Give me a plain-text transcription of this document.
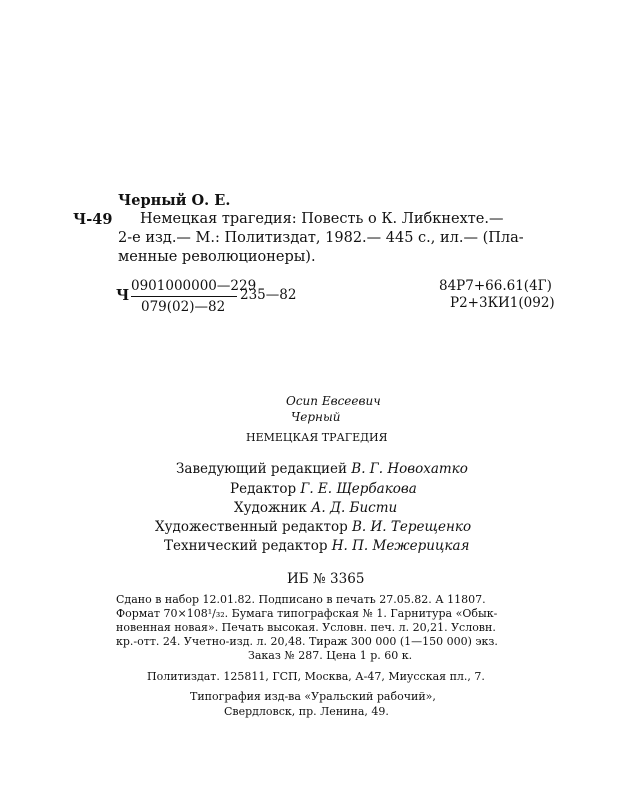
Черный О. Е.
Ч-49 Немецкая трагедия: Повесть о К. Либкнехте.—
2-е изд.— М.: Политиздат, 1982.— 445 с., ил.— (Пла-
менные революционеры).
Ч
0901000000—229
079(02)—82
235—82
84Р7+66.61(4Г)
Р2+3КИ1(092)
Осип Евсеевич
Черный
НЕМЕЦКАЯ ТРАГЕДИЯ
Заведующий редакцией В. Г. Новохатко
Редактор Г. Е. Щербакова
Художник А. Д. Бисти
Художественный редактор В. И. Терещенко
Технический редактор Н. П. Межерицкая
ИБ № 3365
Сдано в набор 12.01.82. Подписано в печать 27.05.82. А 11807.
Формат 70×108¹/₃₂. Бумага типографская № 1. Гарнитура «Обык-
новенная новая». Печать высокая. Условн. печ. л. 20,21. Условн.
кр.-отт. 24. Учетно-изд. л. 20,48. Тираж 300 000 (1—150 000) экз.
Заказ № 287. Цена 1 р. 60 к.
Политиздат. 125811, ГСП, Москва, А-47, Миусская пл., 7.
Типография изд-ва «Уральский рабочий»,
Свердловск, пр. Ленина, 49.
